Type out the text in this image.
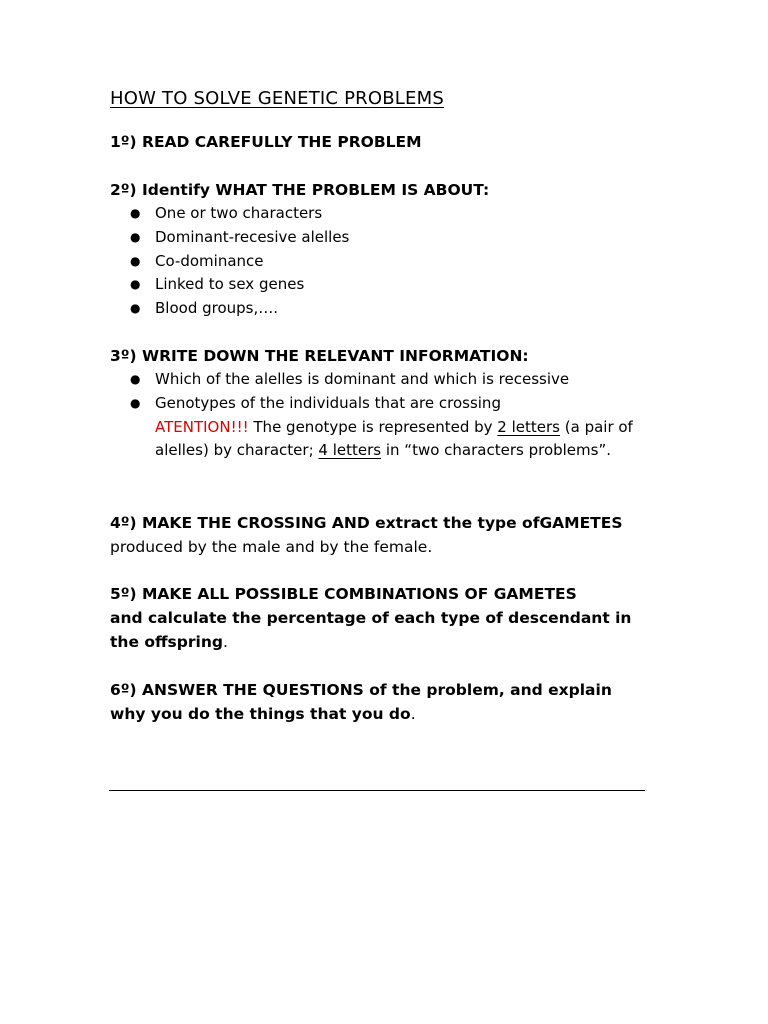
HOW TO SOLVE GENETIC PROBLEMS
1º) READ CAREFULLY THE PROBLEM
2º) Identify WHAT THE PROBLEM IS ABOUT:
● One or two characters
● Dominant-recesive alelles
● Co-dominance
● Linked to sex genes
● Blood groups,….
3º) WRITE DOWN THE RELEVANT INFORMATION:
● Which of the alelles is dominant and which is recessive
● Genotypes of the individuals that are crossing
ATENTION!!! The genotype is represented by 2 letters (a pair of alelles) by character; 4 letters in “two characters problems”.
4º) MAKE THE CROSSING AND extract the type ofGAMETES produced by the male and by the female.
5º) MAKE ALL POSSIBLE COMBINATIONS OF GAMETES
and calculate the percentage of each type of descendant in the offspring.
6º) ANSWER THE QUESTIONS of the problem, and explain why you do the things that you do.
